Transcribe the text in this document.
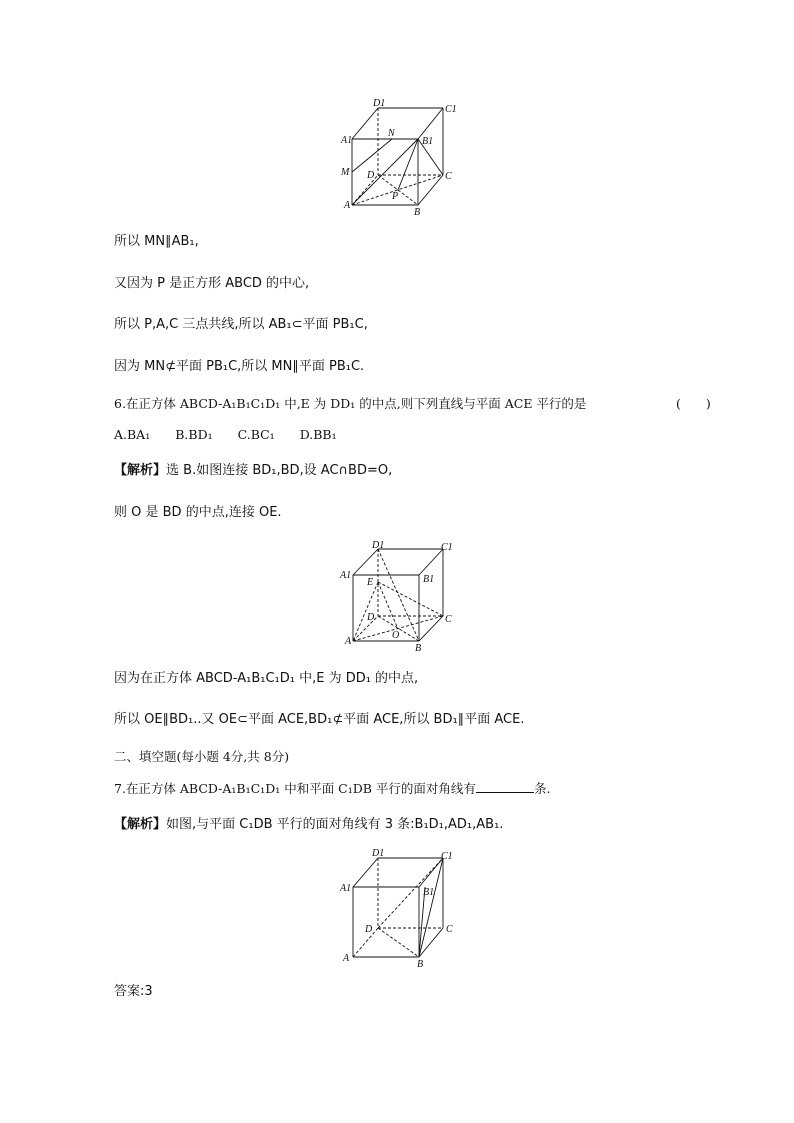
D1
C1
A1
N
B1
M D	C
P
A
B
所以 MN∥AB₁,
又因为 P 是正方形 ABCD 的中心,
所以 P,A,C 三点共线,所以 AB₁⊂平面 PB₁C,
因为 MN⊄平面 PB₁C,所以 MN∥平面 PB₁C.
6.在正方体 ABCD-A₁B₁C₁D₁ 中,E 为 DD₁ 的中点,则下列直线与平面 ACE 平行的是	(　　)
A.BA₁　　B.BD₁　　C.BC₁　　D.BB₁
【解析】选 B.如图连接 BD₁,BD,设 AC∩BD=O,
则 O 是 BD 的中点,连接 OE.
D1	C1
A1
E	B1
D	C
A
O
B
因为在正方体 ABCD-A₁B₁C₁D₁ 中,E 为 DD₁ 的中点,
所以 OE∥BD₁..又 OE⊂平面 ACE,BD₁⊄平面 ACE,所以 BD₁∥平面 ACE.
二、填空题(每小题 4分,共 8分)
7.在正方体 ABCD-A₁B₁C₁D₁ 中和平面 C₁DB 平行的面对角线有	条.
【解析】如图,与平面 C₁DB 平行的面对角线有 3 条:B₁D₁,AD₁,AB₁.
D1	C1
A1	B1
D	C
A
B
答案:3
